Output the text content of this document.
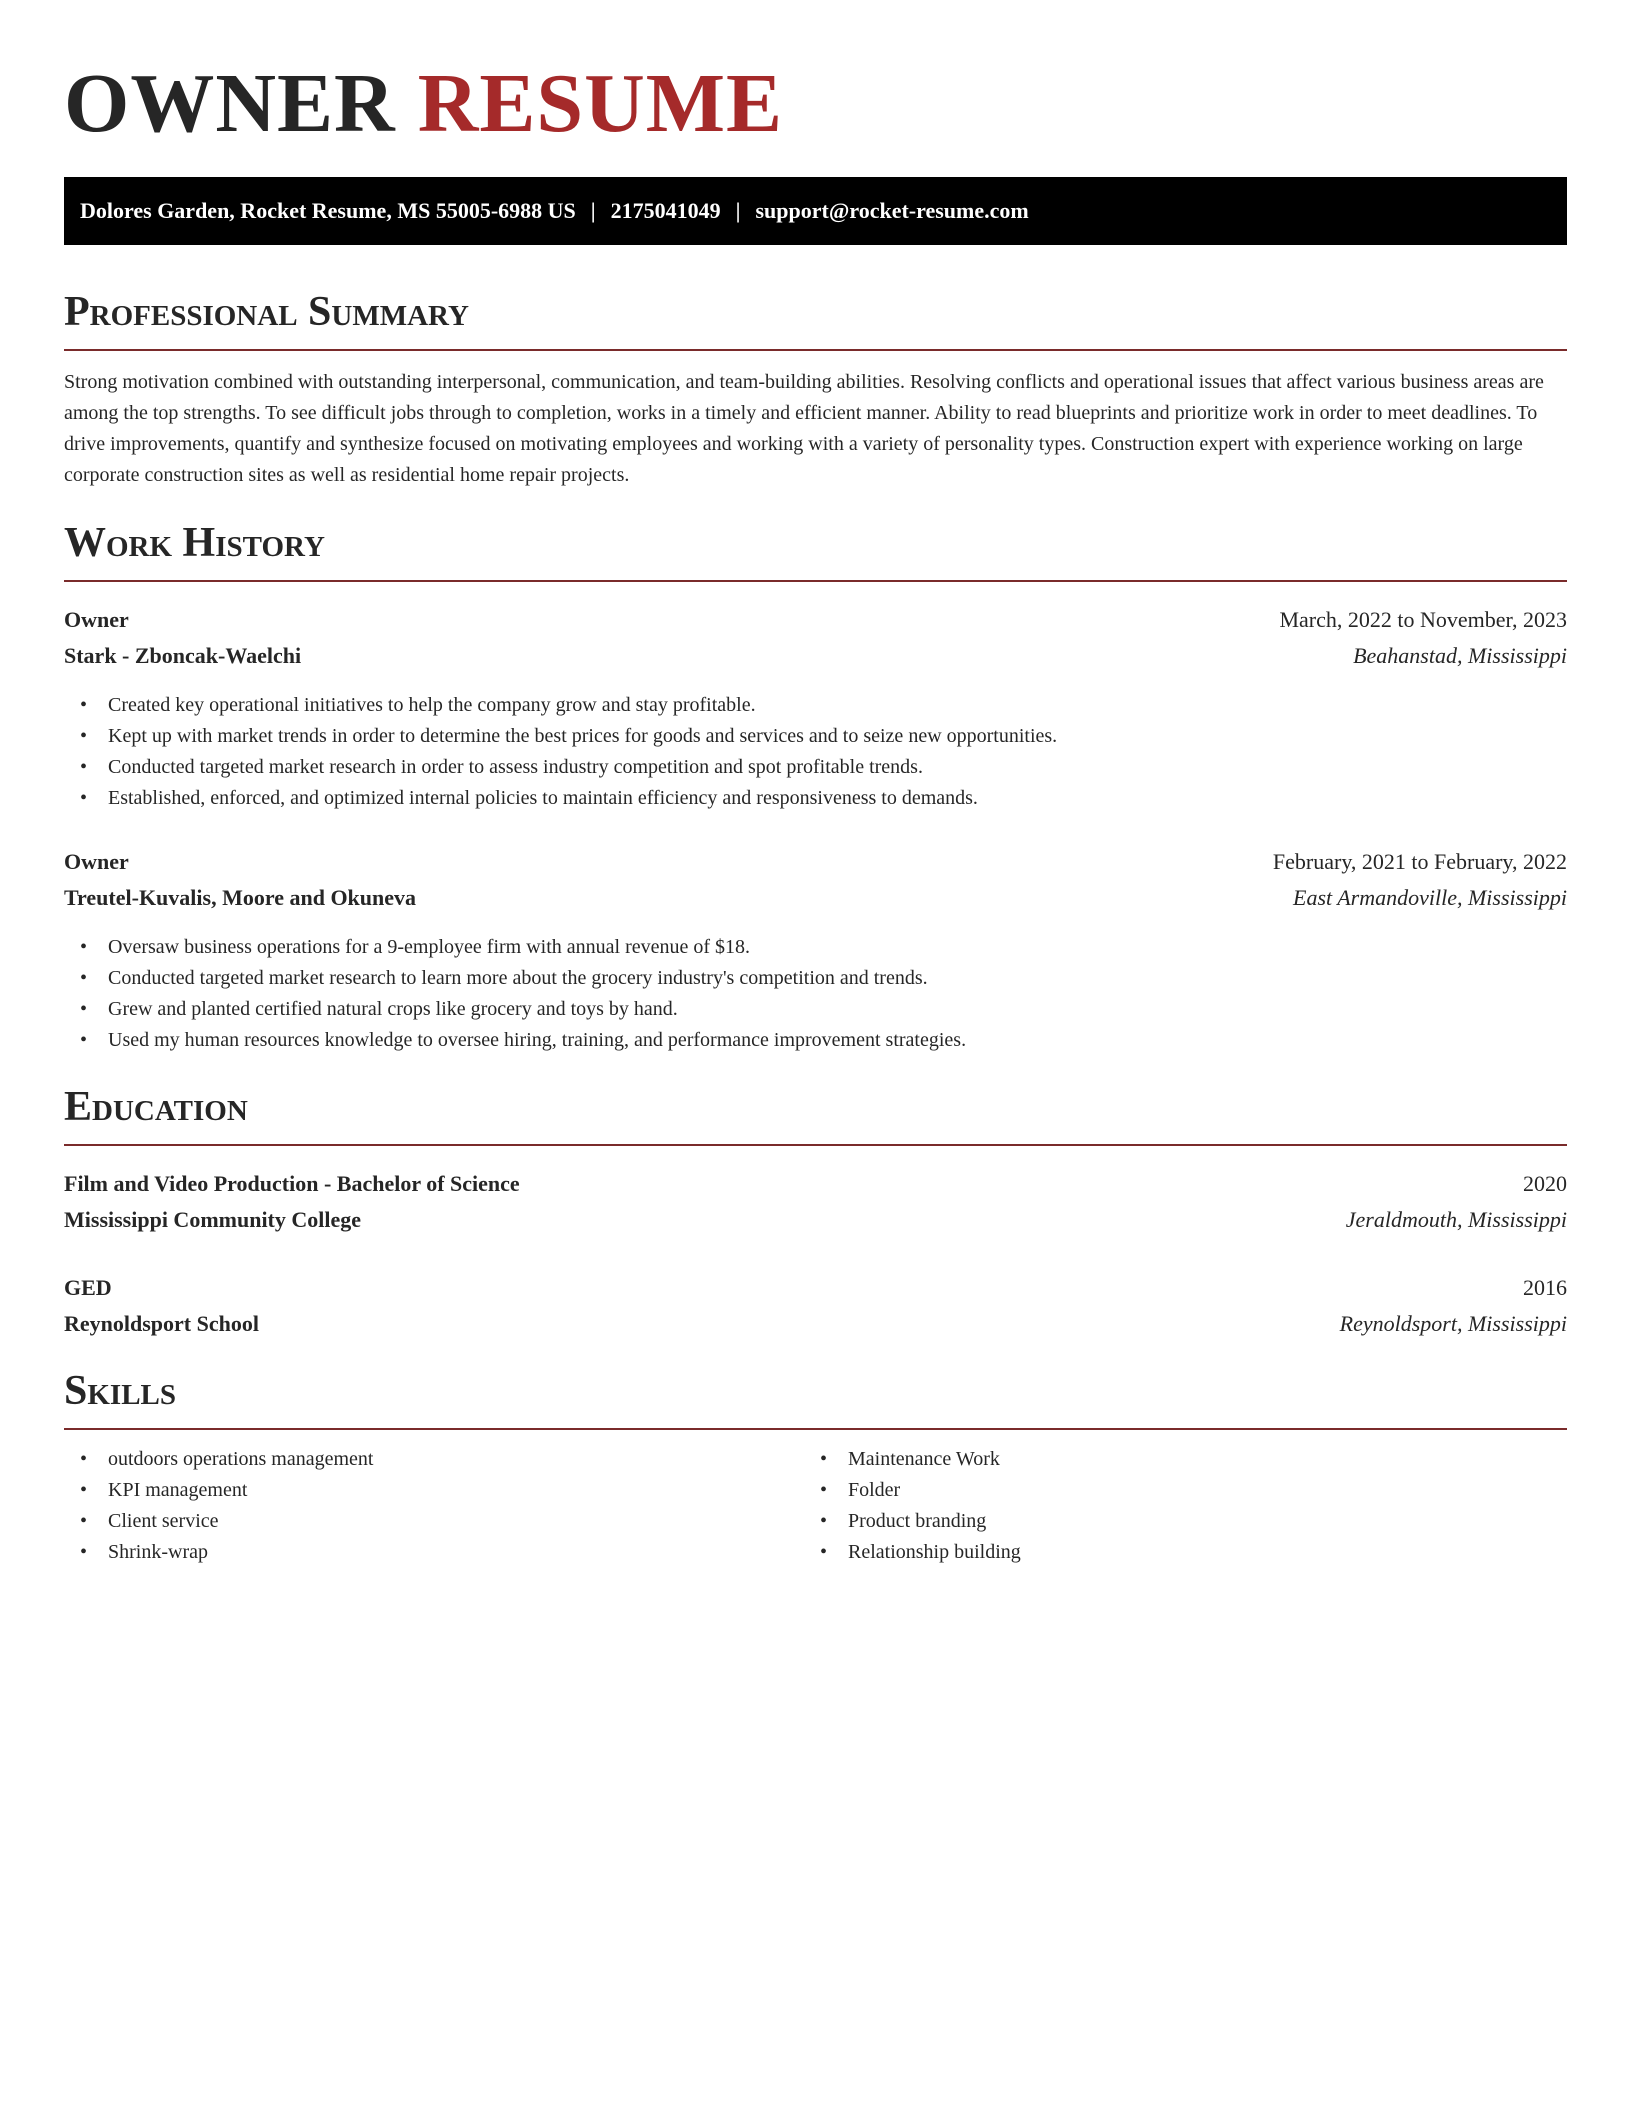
OWNER RESUME
Dolores Garden, Rocket Resume, MS 55005-6988 US | 2175041049 | support@rocket-resume.com
Professional Summary
Strong motivation combined with outstanding interpersonal, communication, and team-building abilities. Resolving conflicts and operational issues that affect various business areas are among the top strengths. To see difficult jobs through to completion, works in a timely and efficient manner. Ability to read blueprints and prioritize work in order to meet deadlines. To drive improvements, quantify and synthesize focused on motivating employees and working with a variety of personality types. Construction expert with experience working on large corporate construction sites as well as residential home repair projects.
Work History
Owner	March, 2022 to November, 2023
Stark - Zboncak-Waelchi	Beahanstad, Mississippi
• Created key operational initiatives to help the company grow and stay profitable.
• Kept up with market trends in order to determine the best prices for goods and services and to seize new opportunities.
• Conducted targeted market research in order to assess industry competition and spot profitable trends.
• Established, enforced, and optimized internal policies to maintain efficiency and responsiveness to demands.
Owner	February, 2021 to February, 2022
Treutel-Kuvalis, Moore and Okuneva	East Armandoville, Mississippi
• Oversaw business operations for a 9-employee firm with annual revenue of $18.
• Conducted targeted market research to learn more about the grocery industry's competition and trends.
• Grew and planted certified natural crops like grocery and toys by hand.
• Used my human resources knowledge to oversee hiring, training, and performance improvement strategies.
Education
Film and Video Production - Bachelor of Science	2020
Mississippi Community College	Jeraldmouth, Mississippi
GED	2016
Reynoldsport School	Reynoldsport, Mississippi
Skills
• outdoors operations management
• KPI management
• Client service
• Shrink-wrap
• Maintenance Work
• Folder
• Product branding
• Relationship building
